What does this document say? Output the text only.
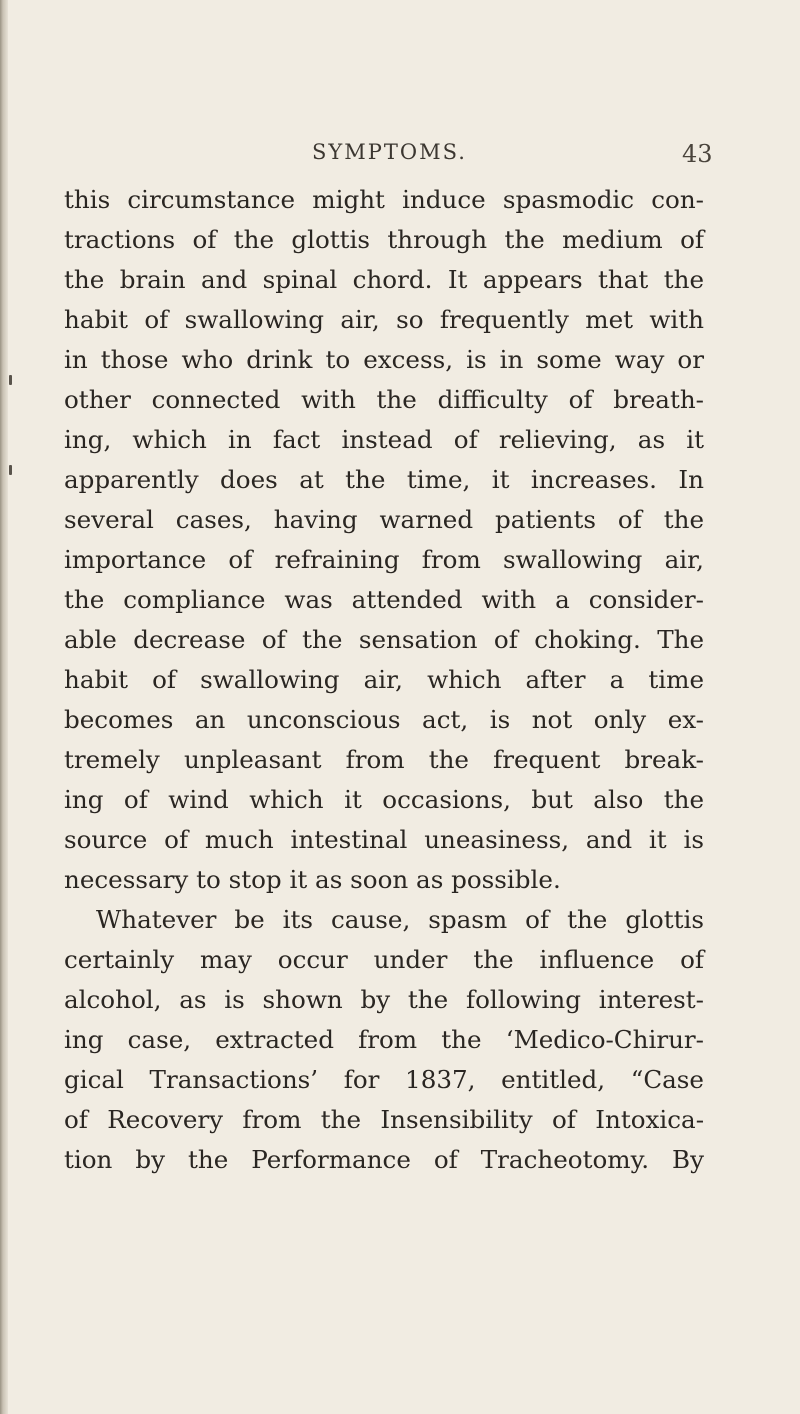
SYMPTOMS.	43
this circumstance might induce spasmodic con-
tractions of the glottis through the medium of
the brain and spinal chord. It appears that the
habit of swallowing air, so frequently met with
in those who drink to excess, is in some way or
other connected with the difficulty of breath-
ing, which in fact instead of relieving, as it
apparently does at the time, it increases. In
several cases, having warned patients of the
importance of refraining from swallowing air,
the compliance was attended with a consider-
able decrease of the sensation of choking. The
habit of swallowing air, which after a time
becomes an unconscious act, is not only ex-
tremely unpleasant from the frequent break-
ing of wind which it occasions, but also the
source of much intestinal uneasiness, and it is
necessary to stop it as soon as possible.
Whatever be its cause, spasm of the glottis
certainly may occur under the influence of
alcohol, as is shown by the following interest-
ing case, extracted from the ‘Medico-Chirur-
gical Transactions’ for 1837, entitled, “Case
of Recovery from the Insensibility of Intoxica-
tion by the Performance of Tracheotomy. By
